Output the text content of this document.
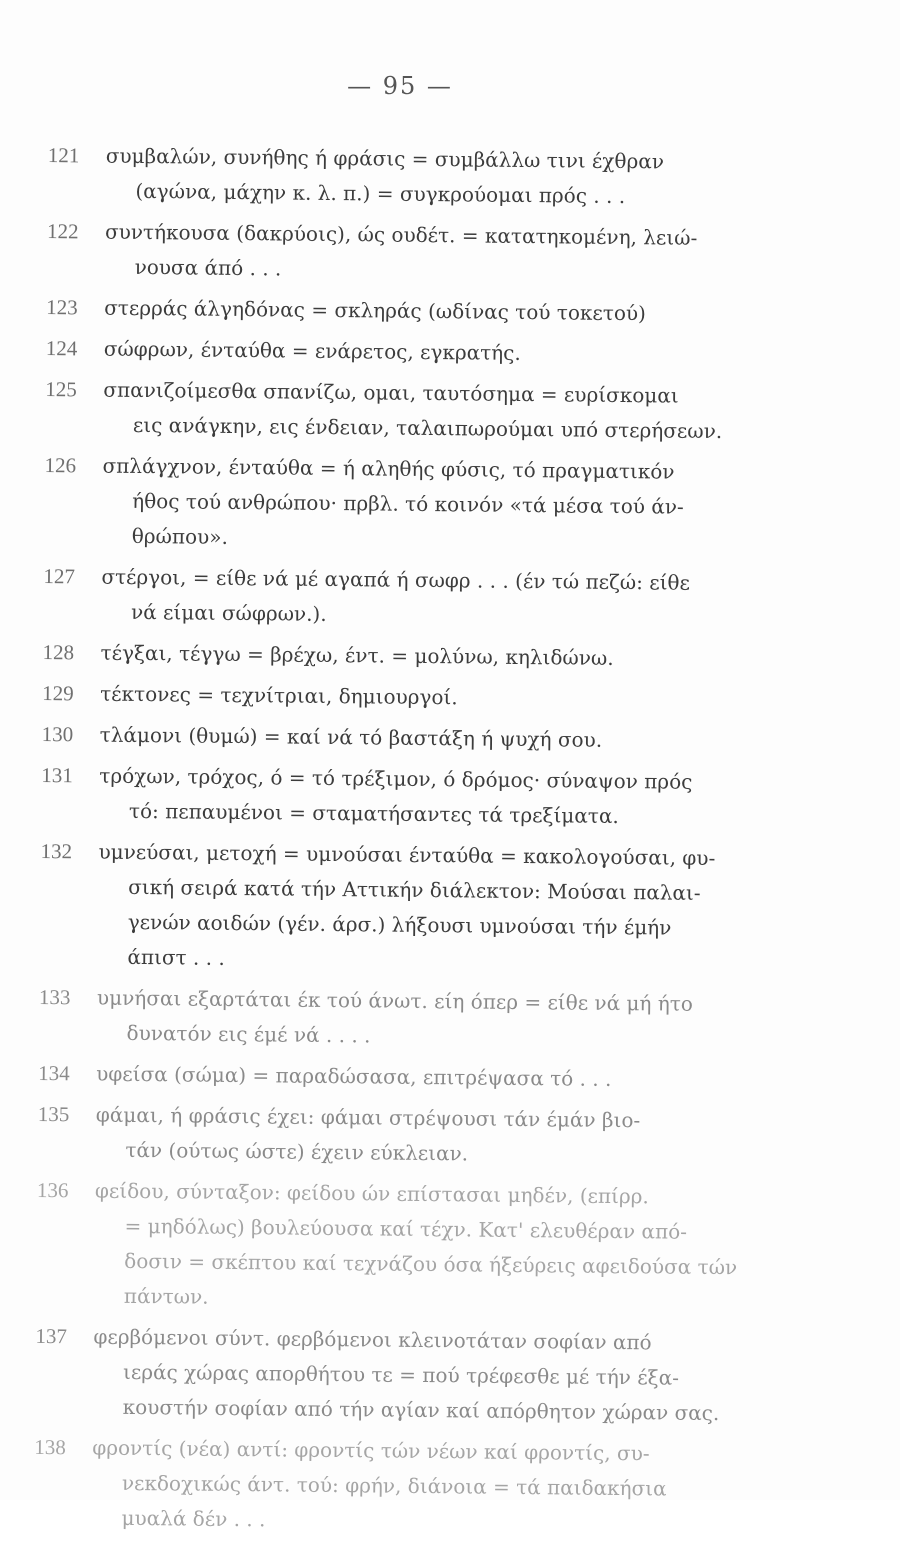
— 95 —
121	συμβαλών, συνήθης ή φράσις = συμβάλλω τινι έχθραν
(αγώνα, μάχην κ. λ. π.) = συγκρούομαι πρός . . .
122	συντήκουσα (δακρύοις), ώς ουδέτ. = κατατηκομένη, λειώ-
νουσα άπό . . .
123	στερράς άλγηδόνας = σκληράς (ωδίνας τού τοκετού)
124	σώφρων, ένταύθα = ενάρετος, εγκρατής.
125	σπανιζοίμεσθα σπανίζω, ομαι, ταυτόσημα = ευρίσκομαι
εις ανάγκην, εις ένδειαν, ταλαιπωρούμαι υπό στερήσεων.
126	σπλάγχνον, ένταύθα = ή αληθής φύσις, τό πραγματικόν
ήθος τού ανθρώπου· πρβλ. τό κοινόν «τά μέσα τού άν-
θρώπου».
127	στέργοι, = είθε νά μέ αγαπά ή σωφρ . . . (έν τώ πεζώ: είθε
νά είμαι σώφρων.).
128	τέγξαι, τέγγω = βρέχω, έντ. = μολύνω, κηλιδώνω.
129	τέκτονες = τεχνίτριαι, δημιουργοί.
130	τλάμονι (θυμώ) = καί νά τό βαστάξη ή ψυχή σου.
131	τρόχων, τρόχος, ό = τό τρέξιμον, ό δρόμος· σύναψον πρός
τό: πεπαυμένοι = σταματήσαντες τά τρεξίματα.
132	υμνεύσαι, μετοχή = υμνούσαι ένταύθα = κακολογούσαι, φυ-
σική σειρά κατά τήν Αττικήν διάλεκτον: Μούσαι παλαι-
γενών αοιδών (γέν. άρσ.) λήξουσι υμνούσαι τήν έμήν
άπιστ . . .
133	υμνήσαι εξαρτάται έκ τού άνωτ. είη όπερ = είθε νά μή ήτο
δυνατόν εις έμέ νά . . . .
134	υφείσα (σώμα) = παραδώσασα, επιτρέψασα τό . . .
135	φάμαι, ή φράσις έχει: φάμαι στρέψουσι τάν έμάν βιο-
τάν (ούτως ώστε) έχειν εύκλειαν.
136	φείδου, σύνταξον: φείδου ών επίστασαι μηδέν, (επίρρ.
= μηδόλως) βουλεύουσα καί τέχν. Κατ' ελευθέραν από-
δοσιν = σκέπτου καί τεχνάζου όσα ήξεύρεις αφειδούσα τών
πάντων.
137	φερβόμενοι σύντ. φερβόμενοι κλεινοτάταν σοφίαν από
ιεράς χώρας απορθήτου τε = πού τρέφεσθε μέ τήν έξα-
κουστήν σοφίαν από τήν αγίαν καί απόρθητον χώραν σας.
138	φροντίς (νέα) αντί: φροντίς τών νέων καί φροντίς, συ-
νεκδοχικώς άντ. τού: φρήν, διάνοια = τά παιδακήσια
μυαλά δέν . . .
